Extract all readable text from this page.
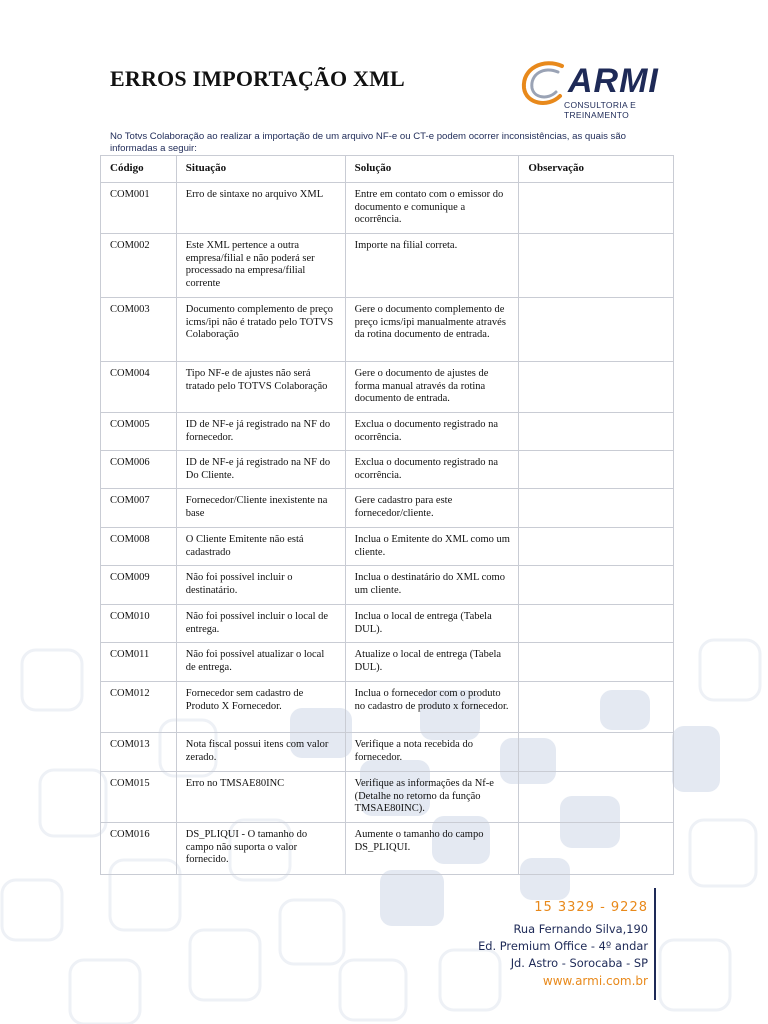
ERROS IMPORTAÇÃO XML	ARMI
CONSULTORIA E TREINAMENTO

No Totvs Colaboração ao realizar a importação de um arquivo NF-e ou CT-e podem ocorrer inconsistências, as quais são informadas a seguir:

Código	Situação	Solução	Observação
COM001	Erro de sintaxe no arquivo XML	Entre em contato com o emissor do documento e comunique a ocorrência.	
COM002	Este XML pertence a outra empresa/filial e não poderá ser processado na empresa/filial corrente	Importe na filial correta.	
COM003	Documento complemento de preço icms/ipi não é tratado pelo TOTVS Colaboração	Gere o documento complemento de preço icms/ipi manualmente através da rotina documento de entrada.	
COM004	Tipo NF-e de ajustes não será tratado pelo TOTVS Colaboração	Gere o documento de ajustes de forma manual através da rotina documento de entrada.	
COM005	ID de NF-e já registrado na NF do fornecedor.	Exclua o documento registrado na ocorrência.	
COM006	ID de NF-e já registrado na NF do Do Cliente.	Exclua o documento registrado na ocorrência.	
COM007	Fornecedor/Cliente inexistente na base	Gere cadastro para este fornecedor/cliente.	
COM008	O Cliente Emitente não está cadastrado	Inclua o Emitente do XML como um cliente.	
COM009	Não foi possível incluir o destinatário.	Inclua o destinatário do XML como um cliente.	
COM010	Não foi possível incluir o local de entrega.	Inclua o local de entrega (Tabela DUL).	
COM011	Não foi possível atualizar o local de entrega.	Atualize o local de entrega (Tabela DUL).	
COM012	Fornecedor sem cadastro de Produto X Fornecedor.	Inclua o fornecedor com o produto no cadastro de produto x fornecedor.	
COM013	Nota fiscal possui itens com valor zerado.	Verifique a nota recebida do fornecedor.	
COM015	Erro no TMSAE80INC	Verifique as informações da Nf-e (Detalhe no retorno da função TMSAE80INC).	
COM016	DS_PLIQUI - O tamanho do campo não suporta o valor fornecido.	Aumente o tamanho do campo DS_PLIQUI.	
15 3329 - 9228
Rua Fernando Silva,190
Ed. Premium Office - 4º andar
Jd. Astro - Sorocaba - SP
www.armi.com.br
